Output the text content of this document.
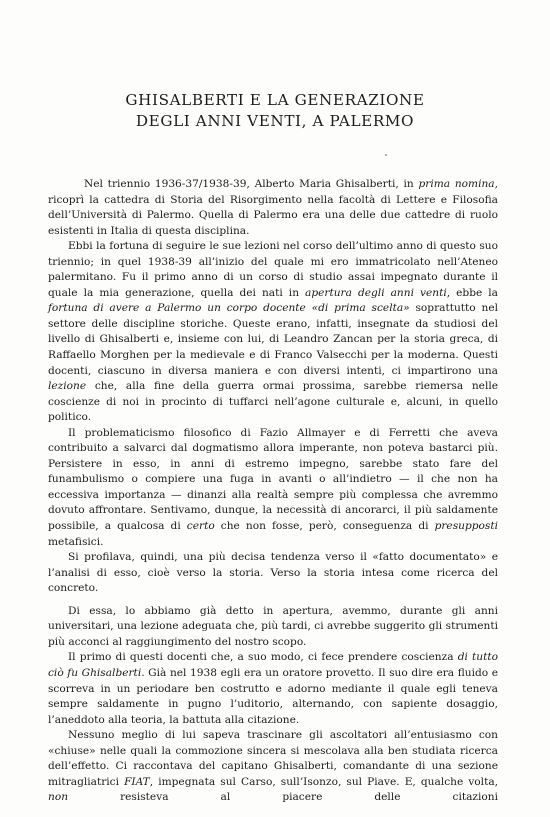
GHISALBERTI E LA GENERAZIONE
DEGLI ANNI VENTI, A PALERMO

Nel triennio 1936-37/1938-39, Alberto Maria Ghisalberti, in prima nomina, ricoprì la cattedra di Storia del Risorgimento nella facoltà di Lettere e Filosofia dell’Università di Palermo. Quella di Palermo era una delle due cattedre di ruolo esistenti in Italia di questa disciplina.

Ebbi la fortuna di seguire le sue lezioni nel corso dell’ultimo anno di questo suo triennio; in quel 1938-39 all’inizio del quale mi ero immatricolato nell’Ateneo palermitano. Fu il primo anno di un corso di studio assai impegnato durante il quale la mia generazione, quella dei nati in apertura degli anni venti, ebbe la fortuna di avere a Palermo un corpo docente «di prima scelta» soprattutto nel settore delle discipline storiche. Queste erano, infatti, insegnate da studiosi del livello di Ghisalberti e, insieme con lui, di Leandro Zancan per la storia greca, di Raffaello Morghen per la medievale e di Franco Valsecchi per la moderna. Questi docenti, ciascuno in diversa maniera e con diversi intenti, ci impartirono una lezione che, alla fine della guerra ormai prossima, sarebbe riemersa nelle coscienze di noi in procinto di tuffarci nell’agone culturale e, alcuni, in quello politico.

Il problematicismo filosofico di Fazio Allmayer e di Ferretti che aveva contribuito a salvarci dal dogmatismo allora imperante, non poteva bastarci più. Persistere in esso, in anni di estremo impegno, sarebbe stato fare del funambulismo o compiere una fuga in avanti o all’indietro — il che non ha eccessiva importanza — dinanzi alla realtà sempre più complessa che avremmo dovuto affrontare. Sentivamo, dunque, la necessità di ancorarci, il più saldamente possibile, a qualcosa di certo che non fosse, però, conseguenza di presupposti metafisici.

Si profilava, quindi, una più decisa tendenza verso il «fatto documentato» e l’analisi di esso, cioè verso la storia. Verso la storia intesa come ricerca del concreto.

Di essa, lo abbiamo già detto in apertura, avemmo, durante gli anni universitari, una lezione adeguata che, più tardi, ci avrebbe suggerito gli strumenti più acconci al raggiungimento del nostro scopo.

Il primo di questi docenti che, a suo modo, ci fece prendere coscienza di tutto ciò fu Ghisalberti. Già nel 1938 egli era un oratore provetto. Il suo dire era fluido e scorreva in un periodare ben costrutto e adorno mediante il quale egli teneva sempre saldamente in pugno l’uditorio, alternando, con sapiente dosaggio, l’aneddoto alla teoria, la battuta alla citazione.

Nessuno meglio di lui sapeva trascinare gli ascoltatori all’entusiasmo con «chiuse» nelle quali la commozione sincera si mescolava alla ben studiata ricerca dell’effetto. Ci raccontava del capitano Ghisalberti, comandante di una sezione mitragliatrici FIAT, impegnata sul Carso, sull’Isonzo, sul Piave. E, qualche volta, non resisteva al piacere delle citazioni
